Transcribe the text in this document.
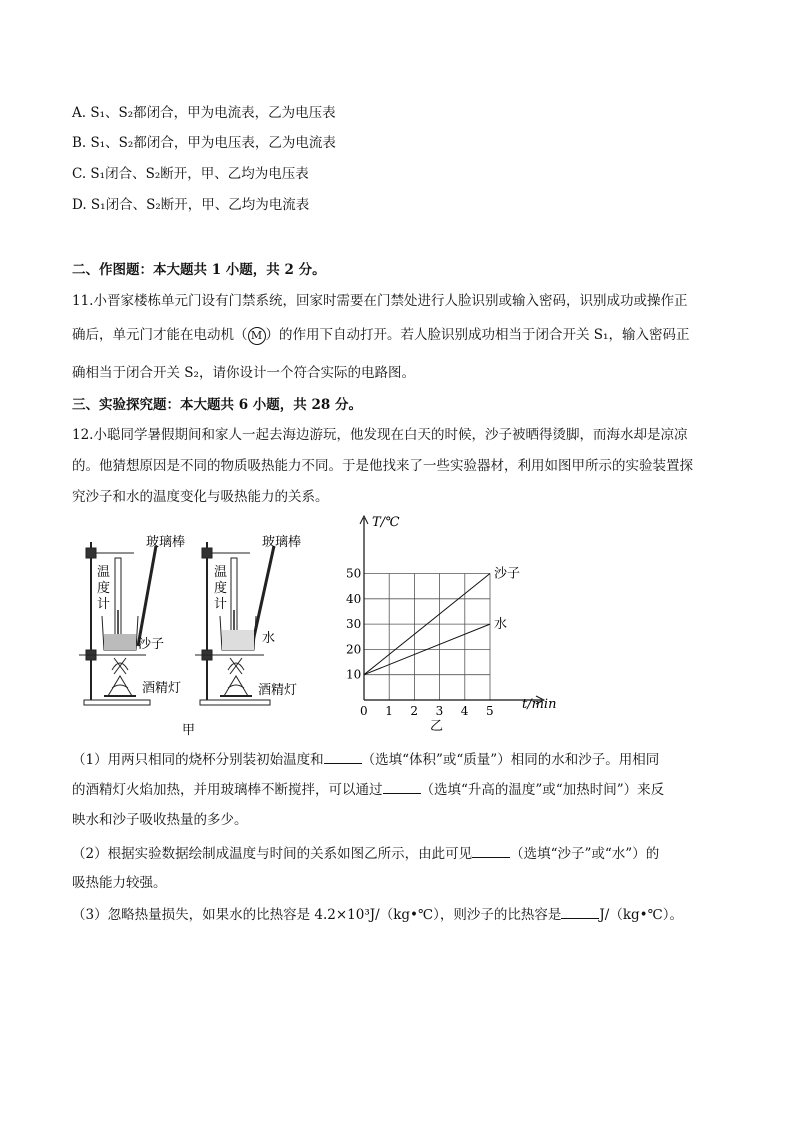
A. S₁、S₂都闭合，甲为电流表，乙为电压表
B. S₁、S₂都闭合，甲为电压表，乙为电流表
C. S₁闭合、S₂断开，甲、乙均为电压表
D. S₁闭合、S₂断开，甲、乙均为电流表
二、作图题：本大题共 1 小题，共 2 分。
11.小晋家楼栋单元门设有门禁系统，回家时需要在门禁处进行人脸识别或输入密码，识别成功或操作正
确后，单元门才能在电动机（ M ）的作用下自动打开。若人脸识别成功相当于闭合开关 S₁，输入密码正
确相当于闭合开关 S₂，请你设计一个符合实际的电路图。
三、实验探究题：本大题共 6 小题，共 28 分。
12.小聪同学暑假期间和家人一起去海边游玩，他发现在白天的时候，沙子被晒得烫脚，而海水却是凉凉
的。他猜想原因是不同的物质吸热能力不同。于是他找来了一些实验器材，利用如图甲所示的实验装置探
究沙子和水的温度变化与吸热能力的关系。
玻璃棒	玻璃棒
温
度
计
温
度
计
沙子	水
酒精灯	酒精灯
甲
0 1 2 3 4 5
10
20
30
40
50	沙子
水
T/℃
t/min
乙
（1）用两只相同的烧杯分别装初始温度和	（选填“体积”或“质量”）相同的水和沙子。用相同
的酒精灯火焰加热，并用玻璃棒不断搅拌，可以通过	（选填“升高的温度”或“加热时间”）来反
映水和沙子吸收热量的多少。
（2）根据实验数据绘制成温度与时间的关系如图乙所示，由此可见	（选填“沙子”或“水”）的
吸热能力较强。
（3）忽略热量损失，如果水的比热容是 4.2×10³J/（kg•℃），则沙子的比热容是	J/（kg•℃）。
